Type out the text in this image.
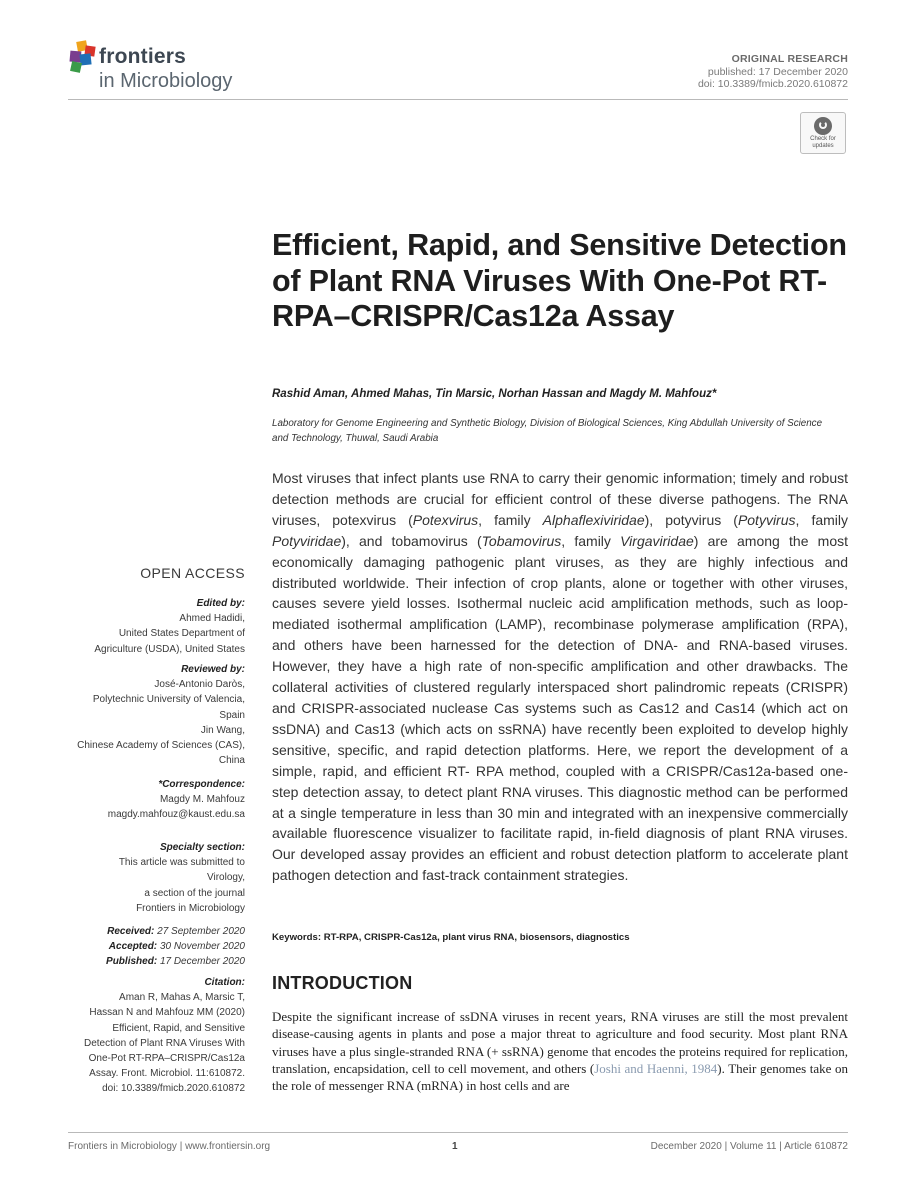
frontiers
in Microbiology
ORIGINAL RESEARCH
published: 17 December 2020
doi: 10.3389/fmicb.2020.610872
Check for
updates
Efficient, Rapid, and Sensitive Detection of Plant RNA Viruses With One-Pot RT-RPA–CRISPR/Cas12a Assay
Rashid Aman, Ahmed Mahas, Tin Marsic, Norhan Hassan and Magdy M. Mahfouz*
Laboratory for Genome Engineering and Synthetic Biology, Division of Biological Sciences, King Abdullah University of Science and Technology, Thuwal, Saudi Arabia
Most viruses that infect plants use RNA to carry their genomic information; timely and robust detection methods are crucial for efficient control of these diverse pathogens. The RNA viruses, potexvirus (Potexvirus, family Alphaflexiviridae), potyvirus (Potyvirus, family Potyviridae), and tobamovirus (Tobamovirus, family Virgaviridae) are among the most economically damaging pathogenic plant viruses, as they are highly infectious and distributed worldwide. Their infection of crop plants, alone or together with other viruses, causes severe yield losses. Isothermal nucleic acid amplification methods, such as loop-mediated isothermal amplification (LAMP), recombinase polymerase amplification (RPA), and others have been harnessed for the detection of DNA- and RNA-based viruses. However, they have a high rate of non-specific amplification and other drawbacks. The collateral activities of clustered regularly interspaced short palindromic repeats (CRISPR) and CRISPR-associated nuclease Cas systems such as Cas12 and Cas14 (which act on ssDNA) and Cas13 (which acts on ssRNA) have recently been exploited to develop highly sensitive, specific, and rapid detection platforms. Here, we report the development of a simple, rapid, and efficient RT- RPA method, coupled with a CRISPR/Cas12a-based one-step detection assay, to detect plant RNA viruses. This diagnostic method can be performed at a single temperature in less than 30 min and integrated with an inexpensive commercially available fluorescence visualizer to facilitate rapid, in-field diagnosis of plant RNA viruses. Our developed assay provides an efficient and robust detection platform to accelerate plant pathogen detection and fast-track containment strategies.
Keywords: RT-RPA, CRISPR-Cas12a, plant virus RNA, biosensors, diagnostics
INTRODUCTION
Despite the significant increase of ssDNA viruses in recent years, RNA viruses are still the most prevalent disease-causing agents in plants and pose a major threat to agriculture and food security. Most plant RNA viruses have a plus single-stranded RNA (+ ssRNA) genome that encodes the proteins required for replication, translation, encapsidation, cell to cell movement, and others (Joshi and Haenni, 1984). Their genomes take on the role of messenger RNA (mRNA) in host cells and are
OPEN ACCESS
Edited by:
Ahmed Hadidi,
United States Department of
Agriculture (USDA), United States
Reviewed by:
José-Antonio Daròs,
Polytechnic University of Valencia,
Spain
Jin Wang,
Chinese Academy of Sciences (CAS),
China
*Correspondence:
Magdy M. Mahfouz
magdy.mahfouz@kaust.edu.sa
Specialty section:
This article was submitted to
Virology,
a section of the journal
Frontiers in Microbiology
Received: 27 September 2020
Accepted: 30 November 2020
Published: 17 December 2020
Citation:
Aman R, Mahas A, Marsic T,
Hassan N and Mahfouz MM (2020)
Efficient, Rapid, and Sensitive
Detection of Plant RNA Viruses With
One-Pot RT-RPA–CRISPR/Cas12a
Assay. Front. Microbiol. 11:610872.
doi: 10.3389/fmicb.2020.610872
Frontiers in Microbiology | www.frontiersin.org	1	December 2020 | Volume 11 | Article 610872
